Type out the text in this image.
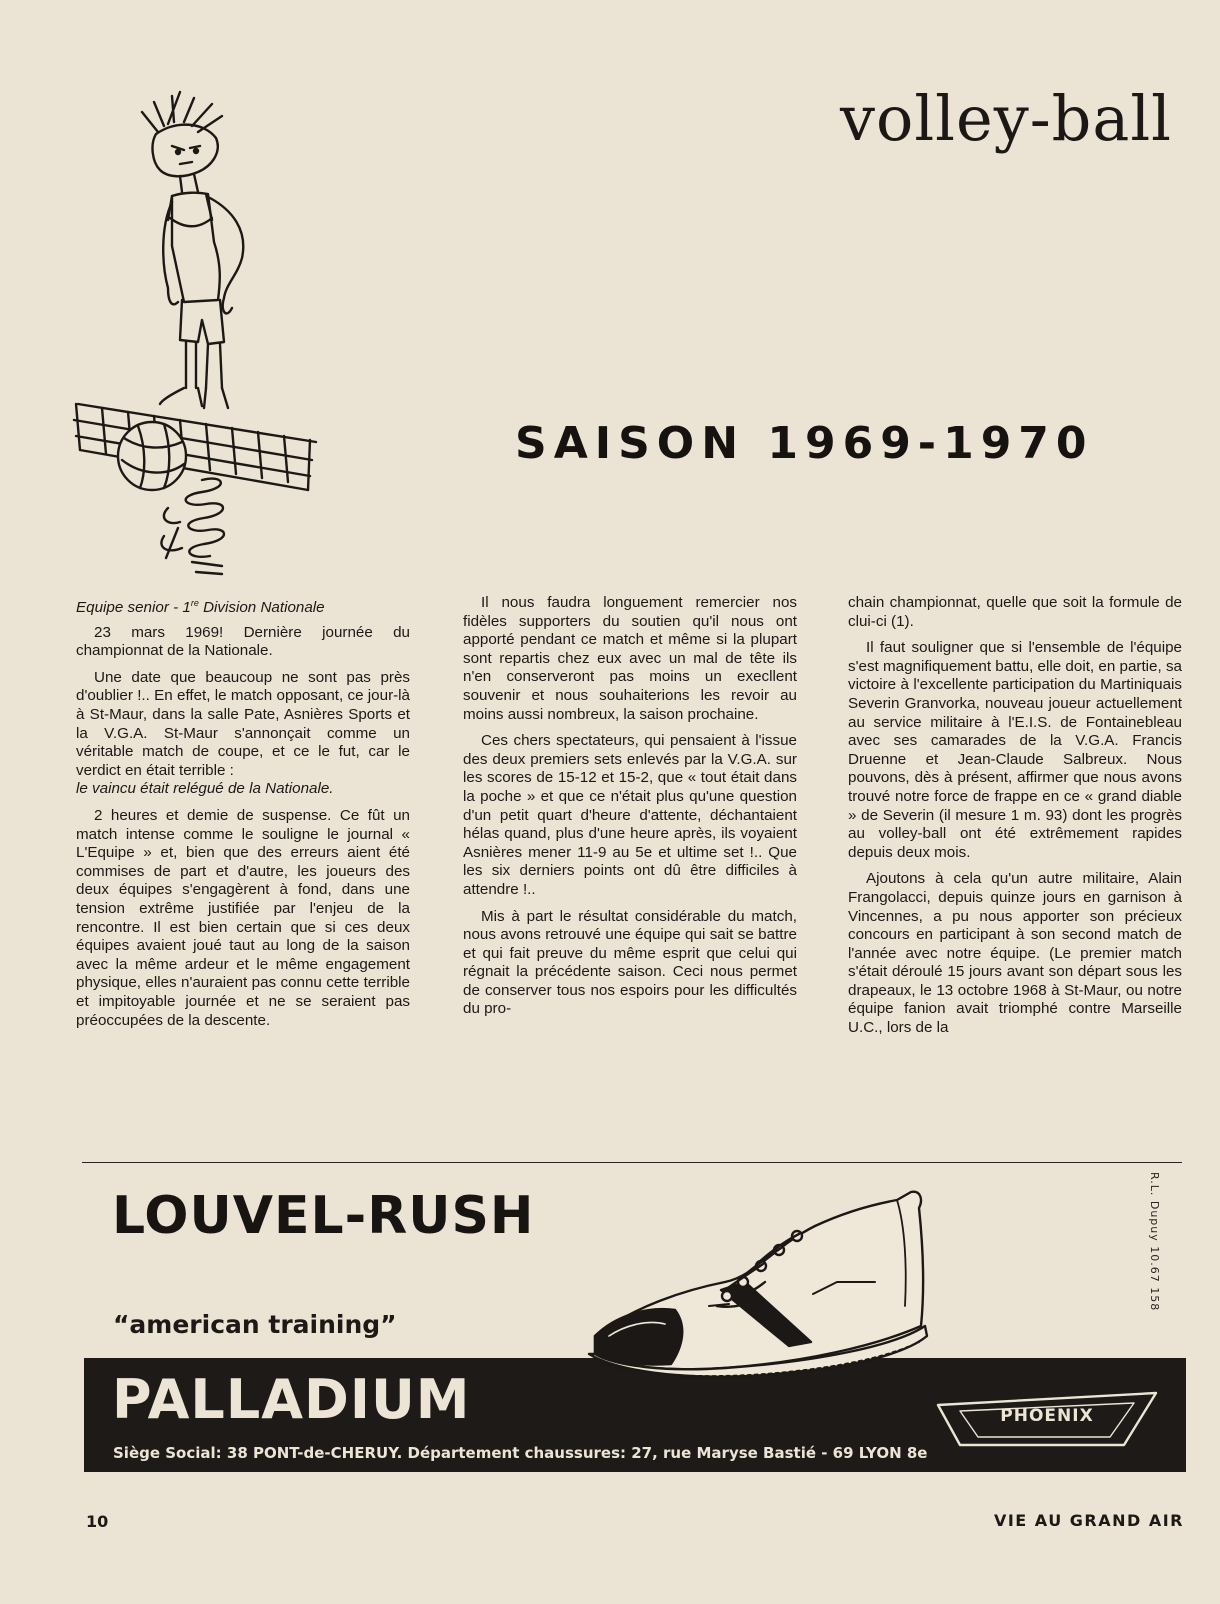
volley-ball
SAISON 1969-1970
Equipe senior - 1re Division Nationale

23 mars 1969! Dernière journée du championnat de la Nationale.

Une date que beaucoup ne sont pas près d'oublier !.. En effet, le match opposant, ce jour-là à St-Maur, dans la salle Pate, Asnières Sports et la V.G.A. St-Maur s'annonçait comme un véritable match de coupe, et ce le fut, car le verdict en était terrible :

le vaincu était relégué de la Nationale.

2 heures et demie de suspense. Ce fût un match intense comme le souligne le journal « L'Equipe » et, bien que des erreurs aient été commises de part et d'autre, les joueurs des deux équipes s'engagèrent à fond, dans une tension extrême justifiée par l'enjeu de la rencontre. Il est bien certain que si ces deux équipes avaient joué taut au long de la saison avec la même ardeur et le même engagement physique, elles n'auraient pas connu cette terrible et impitoyable journée et ne se seraient pas préoccupées de la descente.

Il nous faudra longuement remercier nos fidèles supporters du soutien qu'il nous ont apporté pendant ce match et même si la plupart sont repartis chez eux avec un mal de tête ils n'en conserveront pas moins un execllent souvenir et nous souhaiterions les revoir au moins aussi nombreux, la saison prochaine.

Ces chers spectateurs, qui pensaient à l'issue des deux premiers sets enlevés par la V.G.A. sur les scores de 15-12 et 15-2, que « tout était dans la poche » et que ce n'était plus qu'une question d'un petit quart d'heure d'attente, déchantaient hélas quand, plus d'une heure après, ils voyaient Asnières mener 11-9 au 5e et ultime set !.. Que les six derniers points ont dû être difficiles à attendre !..

Mis à part le résultat considérable du match, nous avons retrouvé une équipe qui sait se battre et qui fait preuve du même esprit que celui qui régnait la précédente saison. Ceci nous permet de conserver tous nos espoirs pour les difficultés du pro-

chain championnat, quelle que soit la formule de clui-ci (1).

Il faut souligner que si l'ensemble de l'équipe s'est magnifiquement battu, elle doit, en partie, sa victoire à l'excellente participation du Martiniquais Severin Granvorka, nouveau joueur actuellement au service militaire à l'E.I.S. de Fontainebleau avec ses camarades de la V.G.A. Francis Druenne et Jean-Claude Salbreux. Nous pouvons, dès à présent, affirmer que nous avons trouvé notre force de frappe en ce « grand diable » de Severin (il mesure 1 m. 93) dont les progrès au volley-ball ont été extrêmement rapides depuis deux mois.

Ajoutons à cela qu'un autre militaire, Alain Frangolacci, depuis quinze jours en garnison à Vincennes, a pu nous apporter son précieux concours en participant à son second match de l'année avec notre équipe. (Le premier match s'était déroulé 15 jours avant son départ sous les drapeaux, le 13 octobre 1968 à St-Maur, ou notre équipe fanion avait triomphé contre Marseille U.C., lors de la

LOUVEL-RUSH

“american training”

R.L. Dupuy 10.67 158
PALLADIUM

Siège Social: 38 PONT-de-CHERUY. Département chaussures: 27, rue Maryse Bastié - 69 LYON 8e

PHOENIX

10	VIE AU GRAND AIR
